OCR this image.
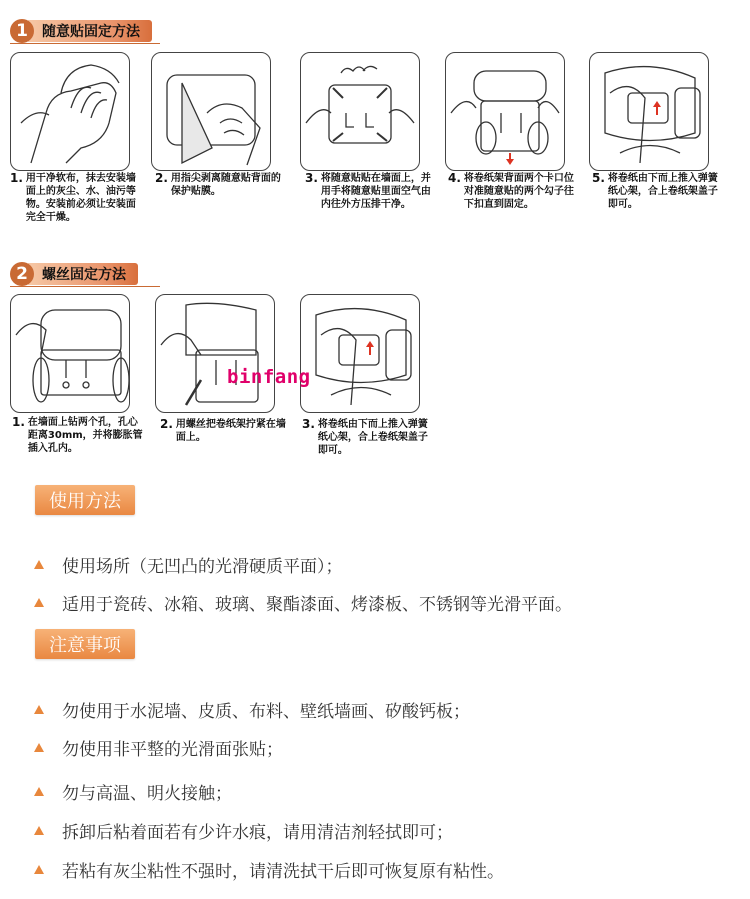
1	随意贴固定方法
1. 用干净软布，抹去安装墙面上的灰尘、水、油污等物。安装前必须让安装面完全干燥。
2. 用指尖剥离随意贴背面的保护贴膜。
3. 将随意贴贴在墙面上，并用手将随意贴里面空气由内往外方压排干净。
4. 将卷纸架背面两个卡口位对准随意贴的两个勾子往下扣直到固定。
5. 将卷纸由下而上推入弹簧纸心架，合上卷纸架盖子即可。
2	螺丝固定方法
binfang
1. 在墙面上钻两个孔，孔心距离30mm，并将膨胀管插入孔内。
2. 用螺丝把卷纸架拧紧在墙面上。
3. 将卷纸由下而上推入弹簧纸心架，合上卷纸架盖子即可。
使用方法
使用场所（无凹凸的光滑硬质平面）；
适用于瓷砖、冰箱、玻璃、聚酯漆面、烤漆板、不锈钢等光滑平面。
注意事项
勿使用于水泥墙、皮质、布料、壁纸墙画、矽酸钙板；
勿使用非平整的光滑面张贴；
勿与高温、明火接触；
拆卸后粘着面若有少许水痕，请用清洁剂轻拭即可；
若粘有灰尘粘性不强时，请清洗拭干后即可恢复原有粘性。
